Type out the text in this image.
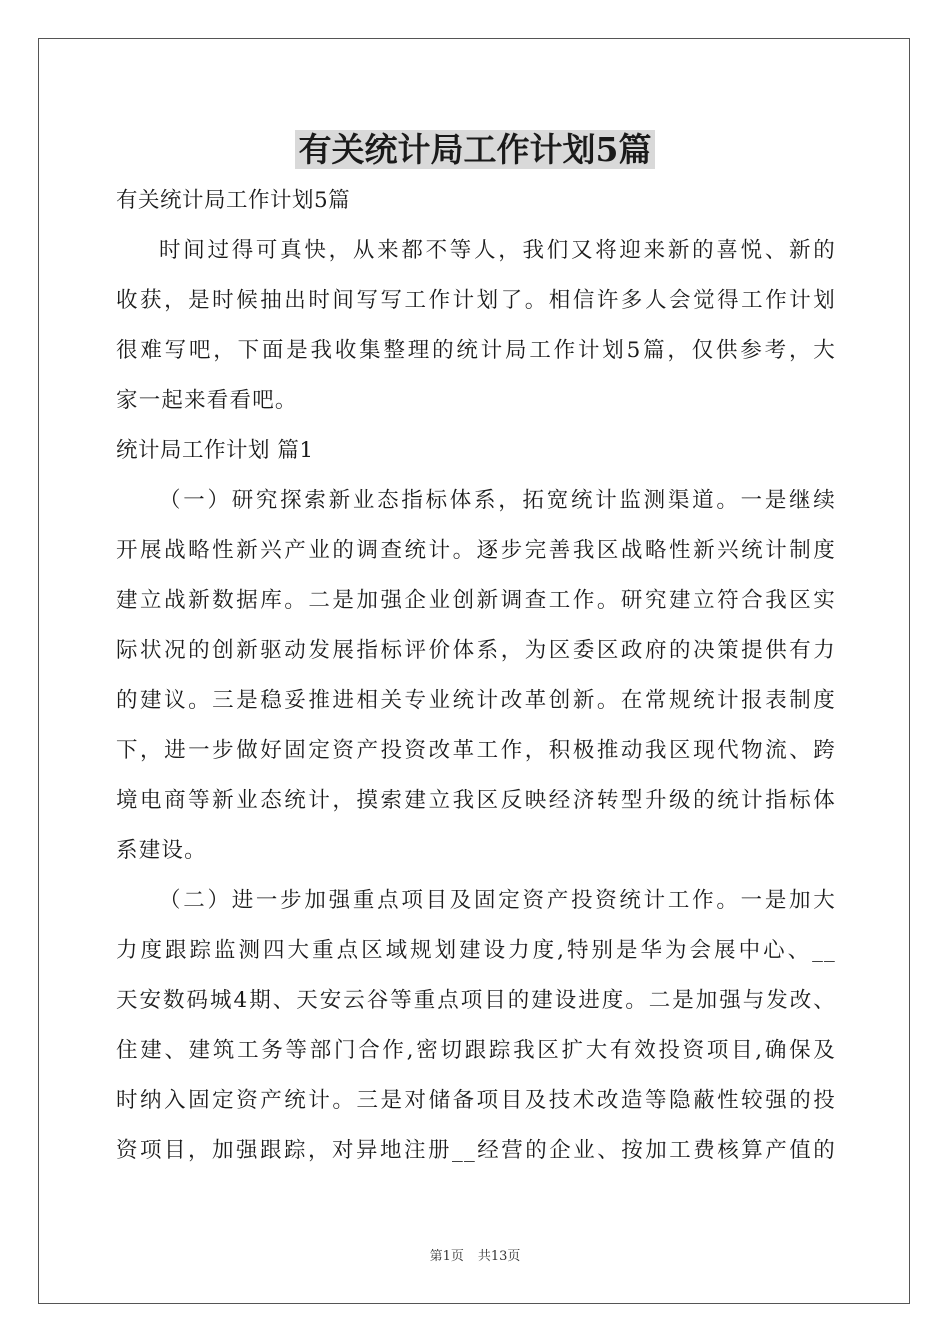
有关统计局工作计划5篇
有关统计局工作计划5篇
时间过得可真快，从来都不等人，我们又将迎来新的喜悦、新的
收获，是时候抽出时间写写工作计划了。相信许多人会觉得工作计划
很难写吧，下面是我收集整理的统计局工作计划5篇，仅供参考，大
家一起来看看吧。
统计局工作计划 篇1
（一）研究探索新业态指标体系，拓宽统计监测渠道。一是继续
开展战略性新兴产业的调查统计。逐步完善我区战略性新兴统计制度
建立战新数据库。二是加强企业创新调查工作。研究建立符合我区实
际状况的创新驱动发展指标评价体系，为区委区政府的决策提供有力
的建议。三是稳妥推进相关专业统计改革创新。在常规统计报表制度
下，进一步做好固定资产投资改革工作，积极推动我区现代物流、跨
境电商等新业态统计，摸索建立我区反映经济转型升级的统计指标体
系建设。
（二）进一步加强重点项目及固定资产投资统计工作。一是加大
力度跟踪监测四大重点区域规划建设力度,特别是华为会展中心、__
天安数码城4期、天安云谷等重点项目的建设进度。二是加强与发改、
住建、建筑工务等部门合作,密切跟踪我区扩大有效投资项目,确保及
时纳入固定资产统计。三是对储备项目及技术改造等隐蔽性较强的投
资项目，加强跟踪，对异地注册__经营的企业、按加工费核算产值的
第1页 共13页
